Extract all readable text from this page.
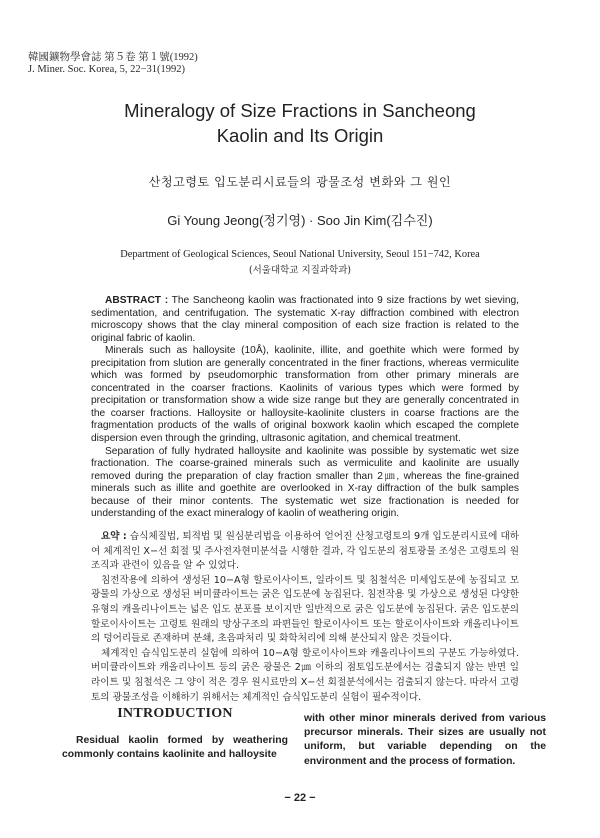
韓國鑛物學會誌 第５卷 第１號(1992)
J. Miner. Soc. Korea, 5, 22−31(1992)
Mineralogy of Size Fractions in Sancheong
Kaolin and Its Origin
산청고령토 입도분리시료들의 광물조성 변화와 그 원인
Gi Young Jeong(정기영) · Soo Jin Kim(김수진)
Department of Geological Sciences, Seoul National University, Seoul 151−742, Korea
(서울대학교 지질과학과)

ABSTRACT : The Sancheong kaolin was fractionated into 9 size fractions by wet sieving, sedimentation, and centrifugation. The systematic X-ray diffraction combined with electron microscopy shows that the clay mineral composition of each size fraction is related to the original fabric of kaolin.

Minerals such as halloysite (10Å), kaolinite, illite, and goethite which were formed by precipitation from slution are generally concentrated in the finer fractions, whereas vermiculite which was formed by pseudomorphic transformation from other primary minerals are concentrated in the coarser fractions. Kaolinits of various types which were formed by precipitation or transformation show a wide size range but they are generally concentrated in the coarser fractions. Halloysite or halloysite-kaolinite clusters in coarse fractions are the fragmentation products of the walls of original boxwork kaolin which escaped the complete dispersion even through the grinding, ultrasonic agitation, and chemical treatment.

Separation of fully hydrated halloysite and kaolinite was possible by systematic wet size fractionation. The coarse-grained minerals such as vermiculite and kaolinite are usually removed during the preparation of clay fraction smaller than 2㎛, whereas the fine-grained minerals such as illite and goethite are overlooked in X-ray diffraction of the bulk samples because of their minor contents. The systematic wet size fractionation is needed for understanding of the exact mineralogy of kaolin of weathering origin.

요약 : 습식체질법, 퇴적법 및 원심분리법을 이용하여 얻어진 산청고령토의 9개 입도분리시료에 대하여 체계적인 X−선 회절 및 주사전자현미분석을 시행한 결과, 각 입도분의 점토광물 조성은 고령토의 원조직과 관련이 있음을 알 수 있었다.

침전작용에 의하여 생성된 10−A형 할로이사이트, 일라이트 및 침철석은 미세입도분에 농집되고 모광물의 가상으로 생성된 버미큘라이트는 굵은 입도분에 농집된다. 침전작용 및 가상으로 생성된 다양한 유형의 캐올리나이트는 넓은 입도 분포를 보이지만 일반적으로 굵은 입도분에 농집된다. 굵은 입도분의 할로이사이트는 고령토 원래의 망상구조의 파편들인 할로이사이트 또는 할로이사이트와 캐올리나이트의 덩어리들로 존재하며 분쇄, 초음파처리 및 화학처리에 의해 분산되지 않은 것들이다.

체계적인 습식입도분리 실험에 의하여 10−A형 할로이사이트와 캐올리나이트의 구분도 가능하였다. 버미큘라이트와 캐올리나이트 등의 굵은 광물은 2㎛ 이하의 점토입도분에서는 검출되지 않는 반면 일라이트 및 침철석은 그 양이 적은 경우 원시료만의 X−선 회절분석에서는 검출되지 않는다. 따라서 고령토의 광물조성을 이해하기 위해서는 체계적인 습식입도분리 실험이 필수적이다.

INTRODUCTION

Residual kaolin formed by weathering commonly contains kaolinite and halloysite

with other minor minerals derived from various precursor minerals. Their sizes are usually not uniform, but variable depending on the environment and the process of formation.

− 22 −
